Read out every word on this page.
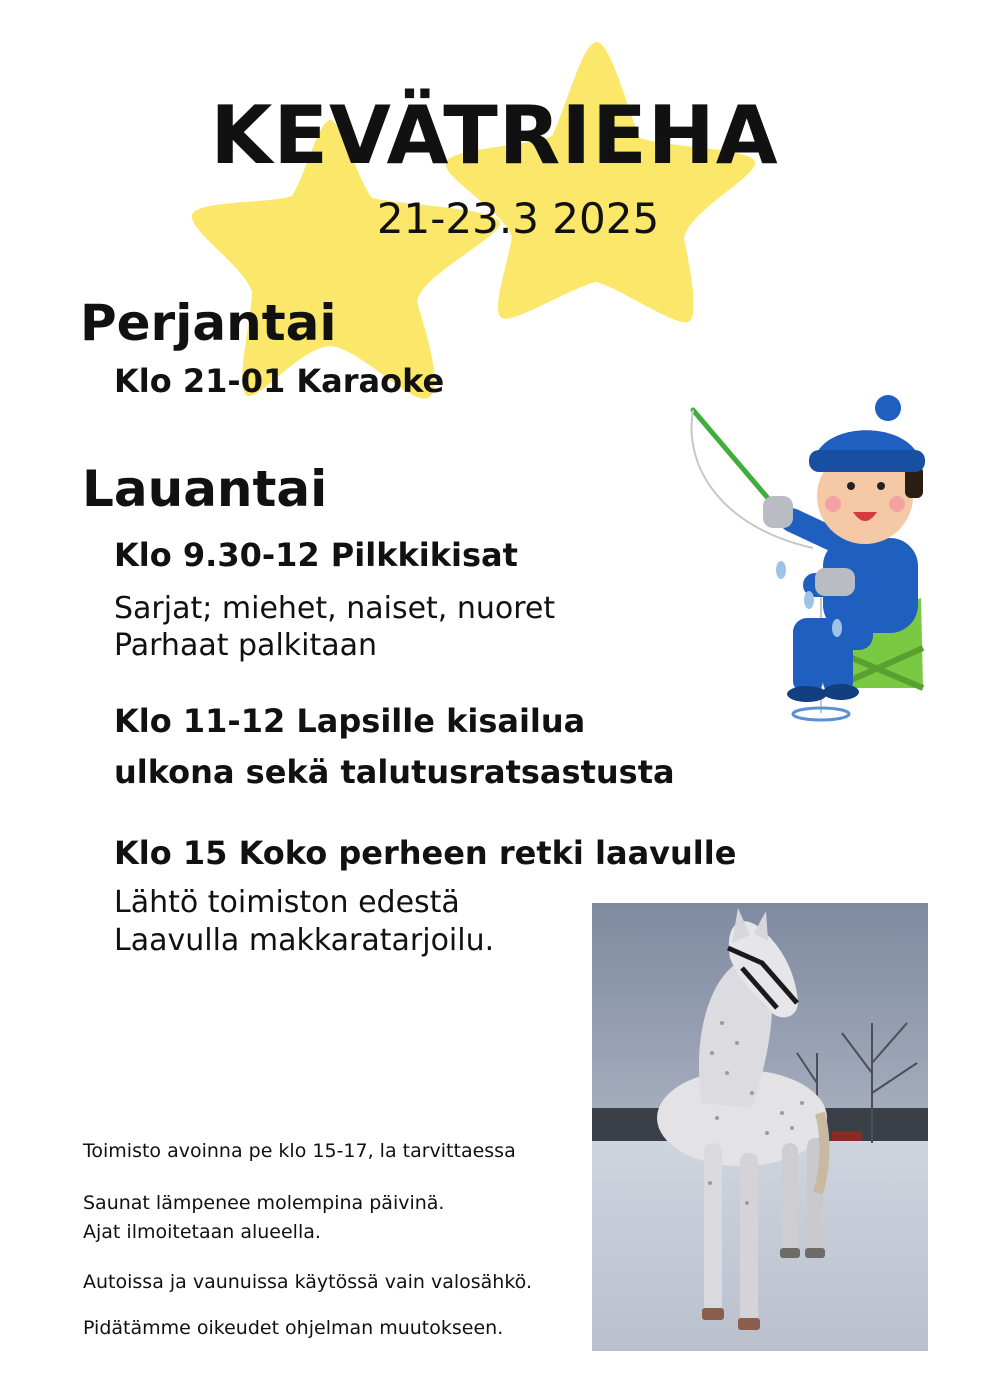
KEVÄTRIEHA
21-23.3 2025
Perjantai
Klo 21-01 Karaoke
Lauantai
Klo 9.30-12 Pilkkikisat
Sarjat; miehet, naiset, nuoret
Parhaat palkitaan
Klo 11-12 Lapsille kisailua
ulkona sekä talutusratsastusta
Klo 15 Koko perheen retki laavulle
Lähtö toimiston edestä
Laavulla makkaratarjoilu.
Toimisto avoinna pe klo 15-17, la tarvittaessa
Saunat lämpenee molempina päivinä.
Ajat ilmoitetaan alueella.
Autoissa ja vaunuissa käytössä vain valosähkö.
Pidätämme oikeudet ohjelman muutokseen.
